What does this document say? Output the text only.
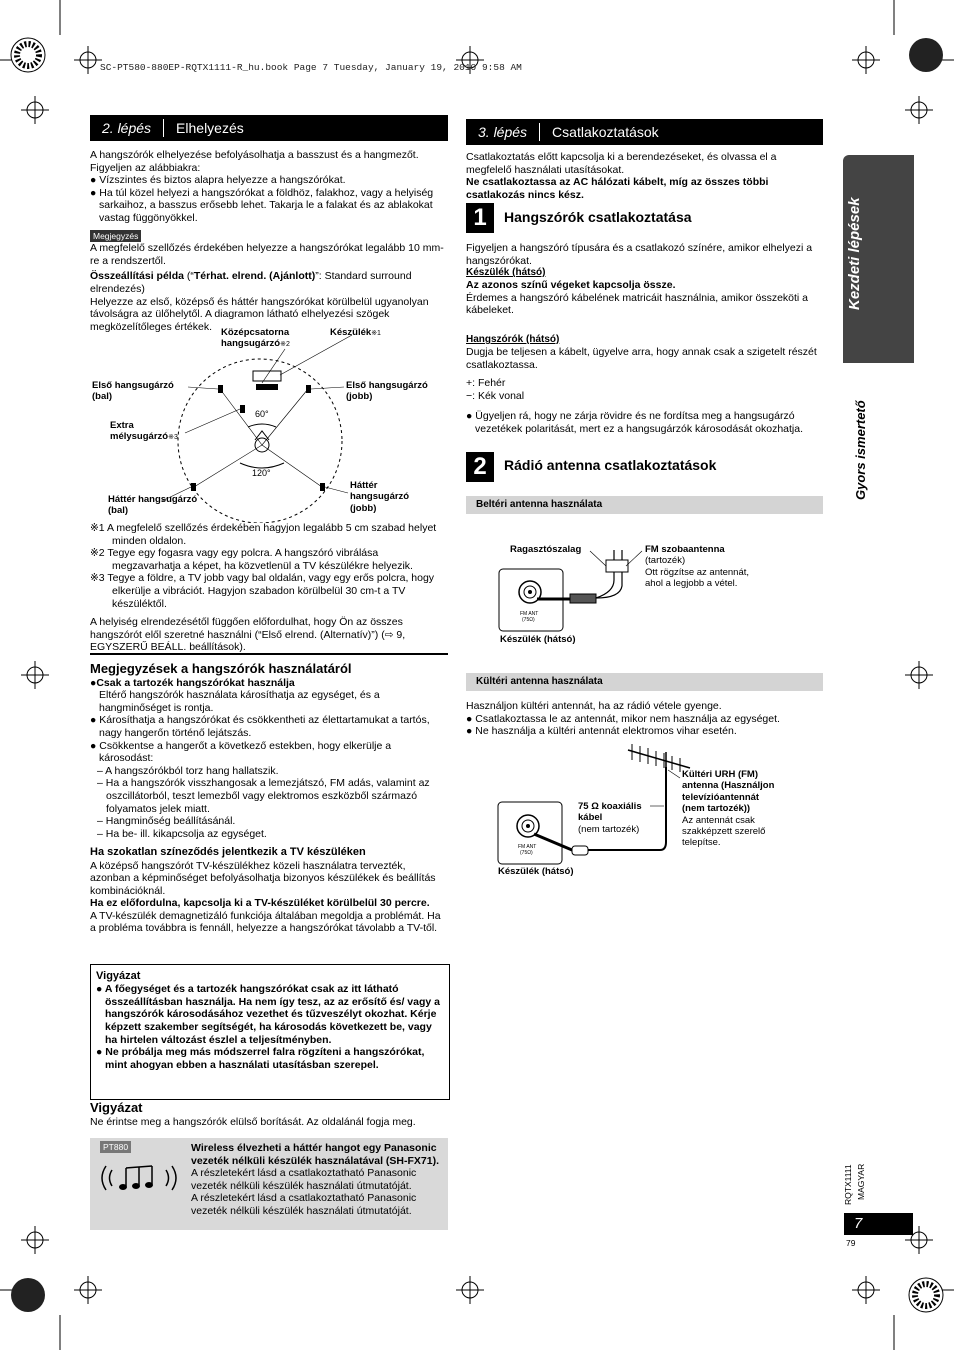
SC-PT580-880EP-RQTX1111-R_hu.book Page 7 Tuesday, January 19, 2010 9:58 AM
2. lépés	Elhelyezés

A hangszórók elhelyezése befolyásolhatja a basszust és a hangmezőt. Figyeljen az alábbiakra:

● Vízszintes és biztos alapra helyezze a hangszórókat.

● Ha túl közel helyezi a hangszórókat a földhöz, falakhoz, vagy a helyiség sarkaihoz, a basszus erősebb lehet. Takarja le a falakat és az ablakokat vastag függönyökkel.

Megjegyzés

A megfelelő szellőzés érdekében helyezze a hangszórókat legalább 10 mm-re a rendszertől.

Összeállítási példa (“Térhat. elrend. (Ajánlott)”: Standard surround elrendezés)

Helyezze az első, középső és háttér hangszórókat körülbelül ugyanolyan távolságra az ülőhelytől. A diagramon látható elhelyezési szögek megközelítőleges értékek.

60°
120°
Középcsatorna
hangsugárzó※2
Készülék※1
Első hangsugárzó
(bal)
Első hangsugárzó
(jobb)
Extra
mélysugárzó※3
Háttér hangsugárzó
(bal)
Háttér
hangsugárzó
(jobb)

※1 A megfelelő szellőzés érdekében hagyjon legalább 5 cm szabad helyet minden oldalon.

※2 Tegye egy fogasra vagy egy polcra. A hangszóró vibrálása megzavarhatja a képet, ha közvetlenül a TV készülékre helyezik.

※3 Tegye a földre, a TV jobb vagy bal oldalán, vagy egy erős polcra, hogy elkerülje a vibrációt. Hagyjon szabadon körülbelül 30 cm-t a TV készüléktől.

A helyiség elrendezésétől függően előfordulhat, hogy Ön az összes hangszórót elől szeretné használni (“Első elrend. (Alternatív)”) (⇨ 9, EGYSZERŰ BEÁLL. beállítások).

Megjegyzések a hangszórók használatáról

●Csak a tartozék hangszórókat használja

Eltérő hangszórók használata károsíthatja az egységet, és a hangminőséget is rontja.

● Károsíthatja a hangszórókat és csökkentheti az élettartamukat a tartós, nagy hangerőn történő lejátszás.

● Csökkentse a hangerőt a következő estekben, hogy elkerülje a károsodást:

– A hangszórókból torz hang hallatszik.

– Ha a hangszórók visszhangosak a lemezjátszó, FM adás, valamint az oszcillátorból, teszt lemezből vagy elektromos eszközből származó folyamatos jelek miatt.

– Hangminőség beállításánál.

– Ha be- ill. kikapcsolja az egységet.

Ha szokatlan színeződés jelentkezik a TV készüléken

A középső hangszórót TV-készülékhez közeli használatra tervezték, azonban a képminőséget befolyásolhatja bizonyos készülékek és beállítás kombinációknál.

Ha ez előfordulna, kapcsolja ki a TV-készüléket körülbelül 30 percre.

A TV-készülék demagnetizáló funkciója általában megoldja a problémát. Ha a probléma továbbra is fennáll, helyezze a hangszórókat távolabb a TV-től.

Vigyázat

● A főegységet és a tartozék hangszórókat csak az itt látható összeállításban használja. Ha nem így tesz, az az erősítő és/ vagy a hangszórók károsodásához vezethet és tűzveszélyt okozhat. Kérje képzett szakember segítségét, ha károsodás következett be, vagy ha hirtelen változást észlel a teljesítményben.

● Ne próbálja meg más módszerrel falra rögzíteni a hangszórókat, mint ahogyan ebben a használati utasításban szerepel.

Vigyázat

Ne érintse meg a hangszórók elülső borítását. Az oldalánál fogja meg.

PT880	Wireless élvezheti a háttér hangot egy Panasonic vezeték nélküli készülék használatával (SH-FX71).

A részletekért lásd a csatlakoztatható Panasonic vezeték nélküli készülék használati útmutatóját.

A részletekért lásd a csatlakoztatható Panasonic vezeték nélküli készülék használati útmutatóját.

3. lépés	Csatlakoztatások

Csatlakoztatás előtt kapcsolja ki a berendezéseket, és olvassa el a megfelelő használati utasításokat.

Ne csatlakoztassa az AC hálózati kábelt, míg az összes többi csatlakozás nincs kész.

1	Hangszórók csatlakoztatása

Figyeljen a hangszóró típusára és a csatlakozó színére, amikor elhelyezi a hangszórókat.

Készülék (hátsó)

Az azonos színű végeket kapcsolja össze.

Érdemes a hangszóró kábelének matricáit használnia, amikor összeköti a kábeleket.

Hangszórók (hátsó)

Dugja be teljesen a kábelt, ügyelve arra, hogy annak csak a szigetelt részét csatlakoztassa.

+: Fehér

−: Kék vonal

● Ügyeljen rá, hogy ne zárja rövidre és ne fordítsa meg a hangsugárzó vezetékek polaritását, mert ez a hangsugárzók károsodását okozhatja.

2	Rádió antenna csatlakoztatások
Beltéri antenna használata
FM ANT
(75Ω)
Ragasztószalag	FM szobaantenna
(tartozék)
Ott rögzítse az antennát,
ahol a legjobb a vétel.
Készülék (hátsó)
Kültéri antenna használata

Használjon kültéri antennát, ha az rádió vétele gyenge.

● Csatlakoztassa le az antennát, mikor nem használja az egységet.

● Ne használja a kültéri antennát elektromos vihar esetén.

FM ANT
(75Ω)
75 Ω koaxiális
kábel
(nem tartozék)
Kültéri URH (FM)
antenna (Használjon
televízióantennát
(nem tartozék))
Az antennát csak
szakképzett szerelő
telepítse.
Készülék (hátsó)
Kezdeti lépések
Gyors ismertető
RQTX1111 MAGYAR
7
79
